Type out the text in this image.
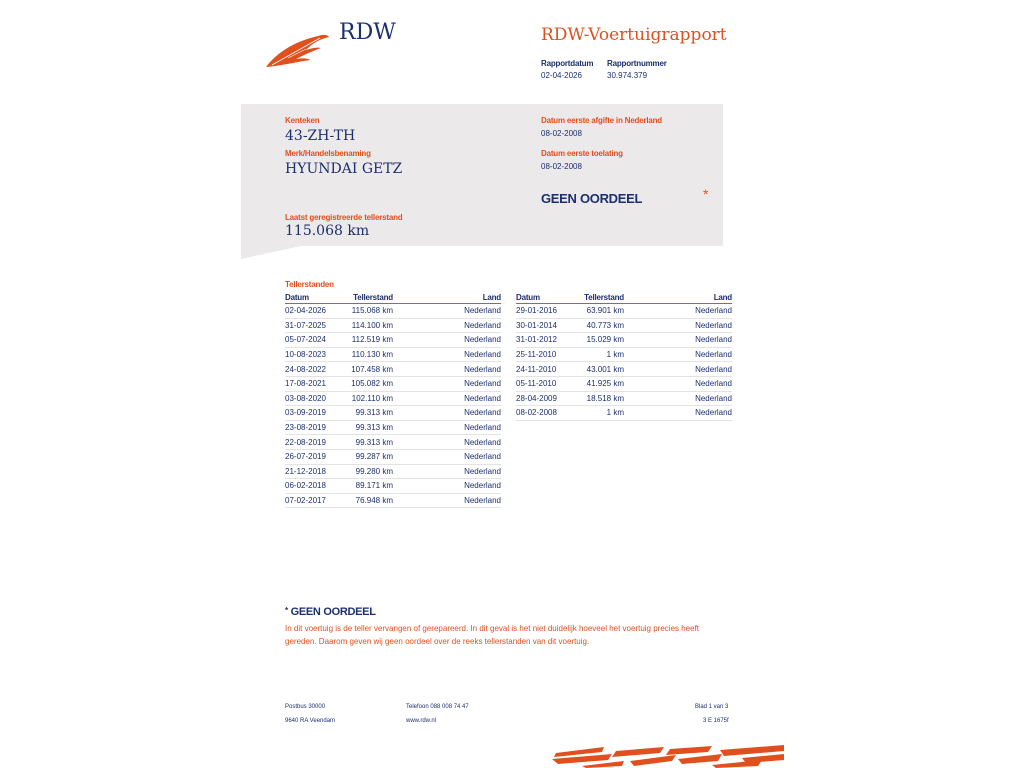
RDW	RDW-Voertuigrapport
Rapportdatum
02-04-2026
Rapportnummer
30.974.379
Kenteken
43-ZH-TH
Merk/Handelsbenaming
HYUNDAI GETZ
Laatst geregistreerde tellerstand
115.068 km
Datum eerste afgifte in Nederland
08-02-2008
Datum eerste toelating
08-02-2008
GEEN OORDEEL	*
Tellerstanden
Datum	Tellerstand	Land
02-04-2026	115.068 km	Nederland
31-07-2025	114.100 km	Nederland
05-07-2024	112.519 km	Nederland
10-08-2023	110.130 km	Nederland
24-08-2022	107.458 km	Nederland
17-08-2021	105.082 km	Nederland
03-08-2020	102.110 km	Nederland
03-09-2019	99.313 km	Nederland
23-08-2019	99.313 km	Nederland
22-08-2019	99.313 km	Nederland
26-07-2019	99.287 km	Nederland
21-12-2018	99.280 km	Nederland
06-02-2018	89.171 km	Nederland
07-02-2017	76.948 km	Nederland
Datum	Tellerstand	Land
29-01-2016	63.901 km	Nederland
30-01-2014	40.773 km	Nederland
31-01-2012	15.029 km	Nederland
25-11-2010	1 km	Nederland
24-11-2010	43.001 km	Nederland
05-11-2010	41.925 km	Nederland
28-04-2009	18.518 km	Nederland
08-02-2008	1 km	Nederland
* GEEN OORDEEL
In dit voertuig is de teller vervangen of gerepareerd. In dit geval is het niet duidelijk hoeveel het voertuig precies heeft gereden. Daarom geven wij geen oordeel over de reeks tellerstanden van dit voertuig.
Postbus 30000
9640 RA Veendam
Telefoon 088 008 74 47
www.rdw.nl
Blad 1 van 3
3 E 1675f
